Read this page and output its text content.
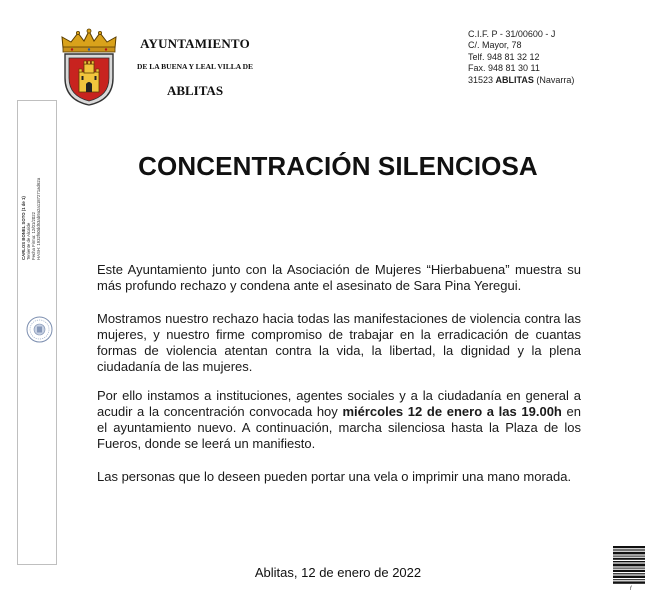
AYUNTAMIENTO
DE LA BUENA Y LEAL VILLA DE
ABLITAS
C.I.F. P - 31/00600 - J
C/. Mayor, 78
Telf. 948 81 32 12
Fax. 948 81 30 11
31523 ABLITAS (Navarra)
CARLOS BONEL SOTO (1 de 1) Teniente de Alcalde Fecha Firma: 12/01/2022 HASH: 1932f60dd53ab9a2a1187271ad62a
CONCENTRACIÓN SILENCIOSA

Este Ayuntamiento junto con la Asociación de Mujeres “Hierbabuena” muestra su más profundo rechazo y condena ante el asesinato de Sara Pina Yeregui.

Mostramos nuestro rechazo hacia todas las manifestaciones de violencia contra las mujeres, y nuestro firme compromiso de trabajar en la erradicación de cuantas formas de violencia atentan contra la vida, la libertad, la dignidad y la plena ciudadanía de las mujeres.

Por ello instamos a instituciones, agentes sociales y a la ciudadanía en general a acudir a la concentración convocada hoy miércoles 12 de enero a las 19.00h en el ayuntamiento nuevo. A continuación, marcha silenciosa hasta la Plaza de los Fueros, donde se leerá un manifiesto.

Las personas que lo deseen pueden portar una vela o imprimir una mano morada.

Ablitas, 12 de enero de 2022

ŕ
